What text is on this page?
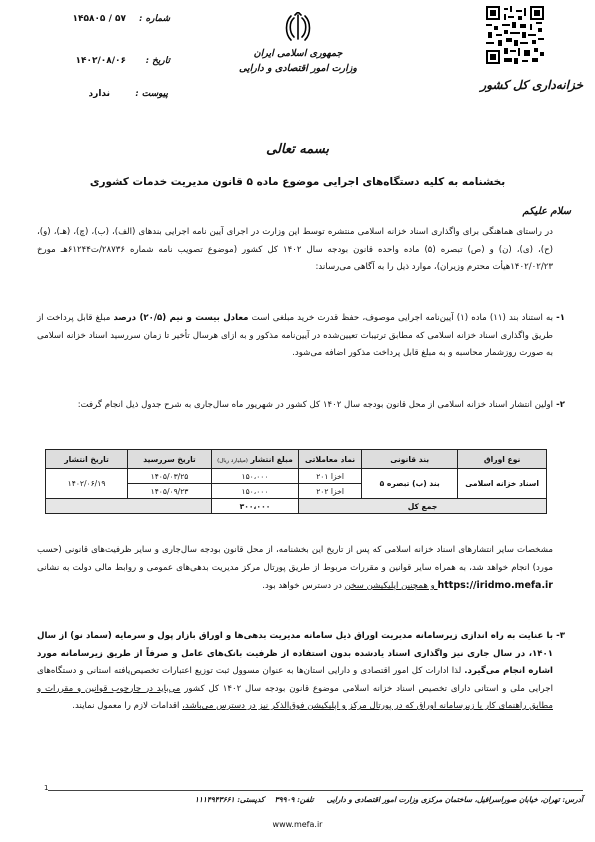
جمهوری اسلامی ایران
وزارت امور اقتصادی و دارایی
خزانه‌داری کل کشور
شماره :
۵۷ / ۱۴۵۸۰۵
تاریخ :
۱۴۰۲/۰۸/۰۶
پیوست :
ندارد
بسمه تعالی
بخشنامه به کلیه دستگاه‌های اجرایی موضوع ماده ۵ قانون مدیریت خدمات کشوری
سلام علیکم
در راستای هماهنگی برای واگذاری اسناد خزانه اسلامی منتشره توسط این وزارت در اجرای آیین نامه اجرایی بندهای (الف)، (ب)، (چ)، (هـ)، (و)، (ح)، (ی)، (ن) و (ص) تبصره (۵) ماده واحده قانون بودجه سال ۱۴۰۲ کل کشور (موضوع تصویب نامه شماره ۲۸۷۳۶/ت۶۱۲۴۴هـ مورخ ۱۴۰۲/۰۲/۲۳هیأت محترم وزیران)، موارد ذیل را به آگاهی می‌رساند:
۱-
به استناد بند (۱۱) ماده (۱) آیین‌نامه اجرایی موصوف، حفظ قدرت خرید مبلغی است معادل بیست و نیم (۲۰/۵) درصد مبلغ قابل پرداخت از طریق واگذاری اسناد خزانه اسلامی که مطابق ترتیبات تعیین‌شده در آیین‌نامه مذکور و به ازای هرسال تأخیر تا زمان سررسید اسناد خزانه اسلامی به صورت روزشمار محاسبه و به مبلغ قابل پرداخت مذکور اضافه می‌شود.
۲-
اولین انتشار اسناد خزانه اسلامی از محل قانون بودجه سال ۱۴۰۲ کل کشور در شهریور ماه سال‌جاری به شرح جدول ذیل انجام گرفت:
نوع اوراق	بند قانونی	نماد معاملاتی	مبلغ انتشار (میلیارد ریال)	تاریخ سررسید	تاریخ انتشار
اسناد خزانه اسلامی	بند (ب) تبصره ۵	اخزا ۲۰۱	۱۵۰،۰۰۰	۱۴۰۵/۰۳/۲۵	۱۴۰۲/۰۶/۱۹
		اخزا ۲۰۲	۱۵۰،۰۰۰	۱۴۰۵/۰۹/۲۳	
جمع کل			۳۰۰،۰۰۰		
مشخصات سایر انتشارهای اسناد خزانه اسلامی که پس از تاریخ این بخشنامه، از محل قانون بودجه سال‌جاری و سایر ظرفیت‌های قانونی (حسب مورد) انجام خواهد شد، به همراه سایر قوانین و مقررات مربوط از طریق پورتال مرکز مدیریت بدهی‌های عمومی و روابط مالی دولت به نشانی https://iridmo.mefa.ir و همچنین اپلیکیشن سخن در دسترس خواهد بود.
۳-
با عنایت به راه اندازی زیرسامانه مدیریت اوراق ذیل سامانه مدیریت بدهی‌ها و اوراق بازار پول و سرمایه (سماد نو) از سال ۱۴۰۱، در سال جاری نیز واگذاری اسناد یادشده بدون استفاده از ظرفیت بانک‌های عامل و صرفاً از طریق زیرسامانه مورد اشاره انجام می‌گیرد. لذا ادارات کل امور اقتصادی و دارایی استان‌ها به عنوان مسوول ثبت توزیع اعتبارات تخصیص‌یافته استانی و دستگاه‌های اجرایی ملی و استانی دارای تخصیص اسناد خزانه اسلامی موضوع قانون بودجه سال ۱۴۰۲ کل کشور می‌باید در چارچوب قوانین و مقررات و مطابق راهنمای کار با زیرسامانه اوراق که در پورتال مرکز و اپلیکیشن فوق‌الذکر نیز در دسترس می‌باشد، اقدامات لازم را معمول نمایند.
1
آدرس: تهران، خیابان صوراسرافیل، ساختمان مرکزی وزارت امور اقتصادی و دارایی     تلفن: ۳۹۹۰۹    کدپستی: ۱۱۱۴۹۴۳۶۶۱
www.mefa.ir
